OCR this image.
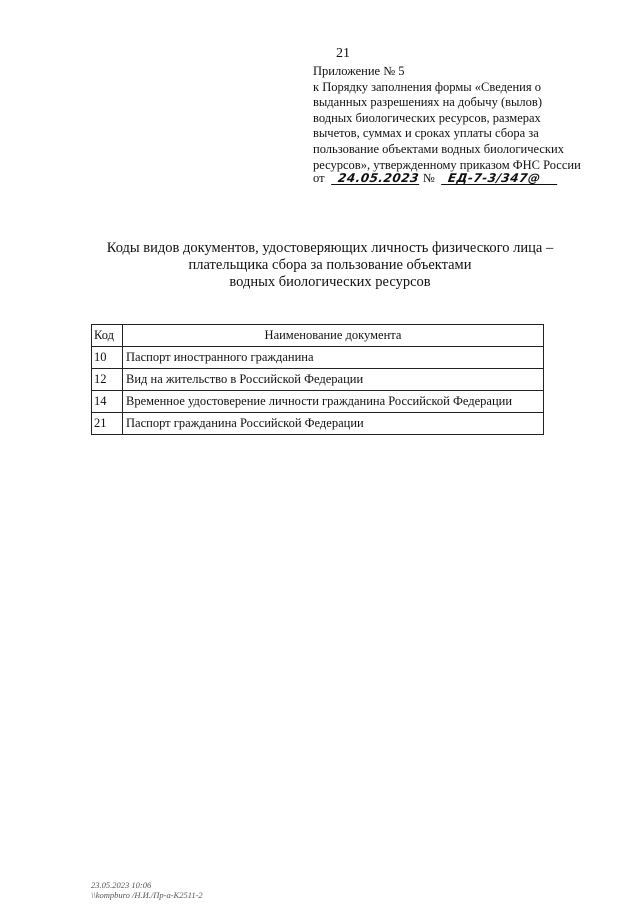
21
Приложение № 5
к Порядку заполнения формы «Сведения о
выданных разрешениях на добычу (вылов)
водных биологических ресурсов, размерах
вычетов, суммах и сроках уплаты сбора за
пользование объектами водных биологических
ресурсов», утвержденному приказом ФНС России
от 24.05.2023 № ЕД-7-3/347@
Коды видов документов, удостоверяющих личность физического лица –
плательщика сбора за пользование объектами
водных биологических ресурсов
Код	Наименование документа
10	Паспорт иностранного гражданина
12	Вид на жительство в Российской Федерации
14	Временное удостоверение личности гражданина Российской Федерации
21	Паспорт гражданина Российской Федерации
23.05.2023 10:06
\\kompburo /Н.И./Пр-а-К2511-2
